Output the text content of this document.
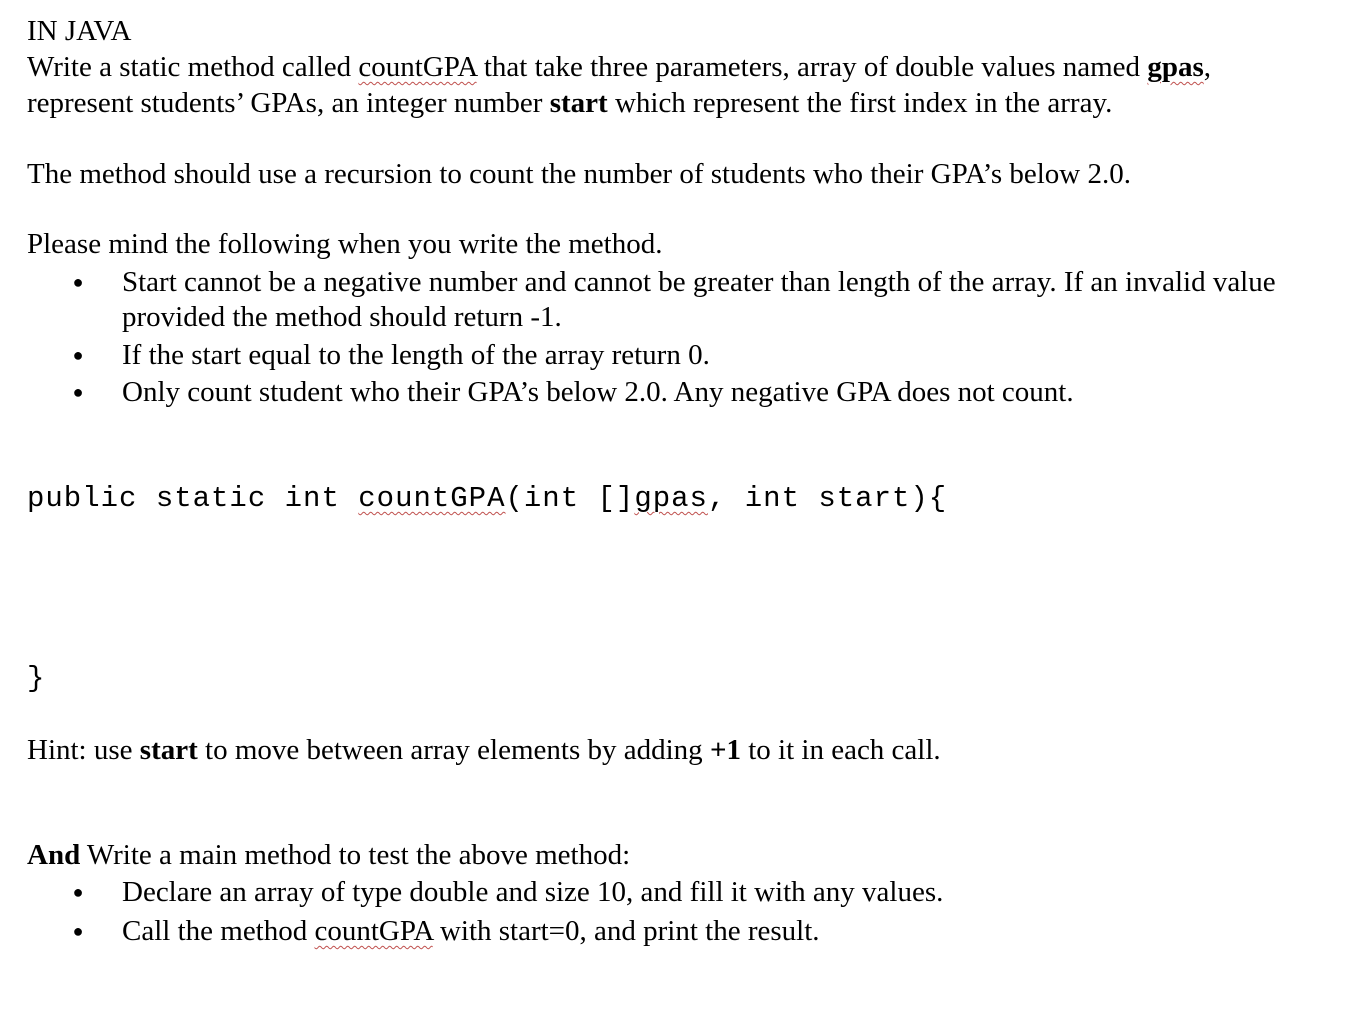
IN JAVA
Write a static method called countGPA that take three parameters, array of double values named gpas,
represent students’ GPAs, an integer number start which represent the first index in the array.
The method should use a recursion to count the number of students who their GPA’s below 2.0.
Please mind the following when you write the method.
● Start cannot be a negative number and cannot be greater than length of the array. If an invalid value
provided the method should return -1.
● If the start equal to the length of the array return 0.
● Only count student who their GPA’s below 2.0. Any negative GPA does not count.
public static int countGPA(int []gpas, int start){
}
Hint: use start to move between array elements by adding +1 to it in each call.
And Write a main method to test the above method:
● Declare an array of type double and size 10, and fill it with any values.
● Call the method countGPA with start=0, and print the result.
